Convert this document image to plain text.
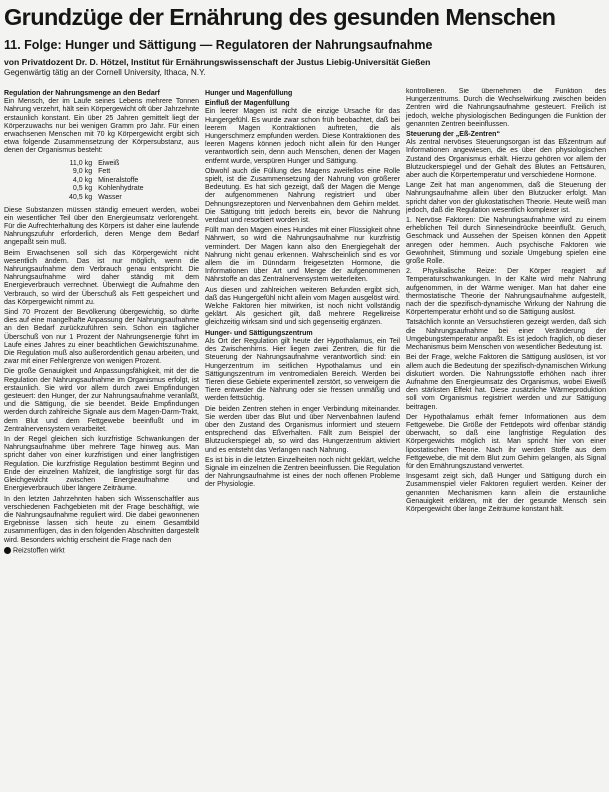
Grundzüge der Ernährung des gesunden Menschen
11. Folge: Hunger und Sättigung — Regulatoren der Nahrungsaufnahme
von Privatdozent Dr. D. Hötzel, Institut für Ernährungswissenschaft der Justus Liebig-Universität Gießen
Gegenwärtig tätig an der Cornell University, Ithaca, N.Y.
Regulation der Nahrungsmenge an den Bedarf

Ein Mensch, der im Laufe seines Lebens mehrere Tonnen Nahrung verzehrt, hält sein Körpergewicht oft über Jahrzehnte erstaunlich konstant. Ein über 25 Jahren gemittelt liegt der Körperzuwachs nur bei wenigen Gramm pro Jahr. Für einen erwachsenen Menschen mit 70 kg Körpergewicht ergibt sich etwa folgende Zusammensetzung der Körpersubstanz, aus denen der Organismus besteht:

11,0 kg	Eiweiß
9,0 kg	Fett
4,0 kg	Mineralstoffe
0,5 kg	Kohlenhydrate
40,5 kg	Wasser

Diese Substanzen müssen ständig erneuert werden, wobei ein wesentlicher Teil über den Energieumsatz verlorengeht. Für die Aufrechterhaltung des Körpers ist daher eine laufende Nahrungszufuhr erforderlich, deren Menge dem Bedarf angepaßt sein muß.

Beim Erwachsenen soll sich das Körpergewicht nicht wesentlich ändern. Das ist nur möglich, wenn die Nahrungsaufnahme dem Verbrauch genau entspricht. Die Nahrungsaufnahme wird daher ständig mit dem Energieverbrauch verrechnet. Überwiegt die Aufnahme den Verbrauch, so wird der Überschuß als Fett gespeichert und das Körpergewicht nimmt zu.

Sind 70 Prozent der Bevölkerung übergewichtig, so dürfte dies auf eine mangelhafte Anpassung der Nahrungsaufnahme an den Bedarf zurückzuführen sein. Schon ein täglicher Überschuß von nur 1 Prozent der Nahrungsenergie führt im Laufe eines Jahres zu einer beachtlichen Gewichtszunahme. Die Regulation muß also außerordentlich genau arbeiten, und zwar mit einer Fehlergrenze von wenigen Prozent.

Die große Genauigkeit und Anpassungsfähigkeit, mit der die Regulation der Nahrungsaufnahme im Organismus erfolgt, ist erstaunlich. Sie wird vor allem durch zwei Empfindungen gesteuert: den Hunger, der zur Nahrungsaufnahme veranlaßt, und die Sättigung, die sie beendet. Beide Empfindungen werden durch zahlreiche Signale aus dem Magen-Darm-Trakt, dem Blut und dem Fettgewebe beeinflußt und im Zentralnervensystem verarbeitet.

In der Regel gleichen sich kurzfristige Schwankungen der Nahrungsaufnahme über mehrere Tage hinweg aus. Man spricht daher von einer kurzfristigen und einer langfristigen Regulation. Die kurzfristige Regulation bestimmt Beginn und Ende der einzelnen Mahlzeit, die langfristige sorgt für das Gleichgewicht zwischen Energieaufnahme und Energieverbrauch über längere Zeiträume.

In den letzten Jahrzehnten haben sich Wissenschaftler aus verschiedenen Fachgebieten mit der Frage beschäftigt, wie die Nahrungsaufnahme reguliert wird. Die dabei gewonnenen Ergebnisse lassen sich heute zu einem Gesamtbild zusammenfügen, das in den folgenden Abschnitten dargestellt wird. Besonders wichtig erscheint die Frage nach den

Reizstoffen wirkt

Hunger und Magenfüllung
Einfluß der Magenfüllung

Ein leerer Magen ist nicht die einzige Ursache für das Hungergefühl. Es wurde zwar schon früh beobachtet, daß bei leerem Magen Kontraktionen auftreten, die als Hungerschmerz empfunden werden. Diese Kontraktionen des leeren Magens können jedoch nicht allein für den Hunger verantwortlich sein, denn auch Menschen, denen der Magen entfernt wurde, verspüren Hunger und Sättigung.

Obwohl auch die Füllung des Magens zweifellos eine Rolle spielt, ist die Zusammensetzung der Nahrung von größerer Bedeutung. Es hat sich gezeigt, daß der Magen die Menge der aufgenommenen Nahrung registriert und über Dehnungsrezeptoren und Nervenbahnen dem Gehirn meldet. Die Sättigung tritt jedoch bereits ein, bevor die Nahrung verdaut und resorbiert worden ist.

Füllt man den Magen eines Hundes mit einer Flüssigkeit ohne Nährwert, so wird die Nahrungsaufnahme nur kurzfristig vermindert. Der Magen kann also den Energiegehalt der Nahrung nicht genau erkennen. Wahrscheinlich sind es vor allem die im Dünndarm freigesetzten Hormone, die Informationen über Art und Menge der aufgenommenen Nährstoffe an das Zentralnervensystem weiterleiten.

Aus diesen und zahlreichen weiteren Befunden ergibt sich, daß das Hungergefühl nicht allein vom Magen ausgelöst wird. Welche Faktoren hier mitwirken, ist noch nicht vollständig geklärt. Als gesichert gilt, daß mehrere Regelkreise gleichzeitig wirksam sind und sich gegenseitig ergänzen.

Hunger- und Sättigungszentrum

Als Ort der Regulation gilt heute der Hypothalamus, ein Teil des Zwischenhirns. Hier liegen zwei Zentren, die für die Steuerung der Nahrungsaufnahme verantwortlich sind: ein Hungerzentrum im seitlichen Hypothalamus und ein Sättigungszentrum im ventromedialen Bereich. Werden bei Tieren diese Gebiete experimentell zerstört, so verweigern die Tiere entweder die Nahrung oder sie fressen unmäßig und werden fettsüchtig.

Die beiden Zentren stehen in enger Verbindung miteinander. Sie werden über das Blut und über Nervenbahnen laufend über den Zustand des Organismus informiert und steuern entsprechend das Eßverhalten. Fällt zum Beispiel der Blutzuckerspiegel ab, so wird das Hungerzentrum aktiviert und es entsteht das Verlangen nach Nahrung.

Es ist bis in die letzten Einzelheiten noch nicht geklärt, welche Signale im einzelnen die Zentren beeinflussen. Die Regulation der Nahrungsaufnahme ist eines der noch offenen Probleme der Physiologie.

kontrollieren. Sie übernehmen die Funktion des Hungerzentrums. Durch die Wechselwirkung zwischen beiden Zentren wird die Nahrungsaufnahme gesteuert. Freilich ist jedoch, welche physiologischen Bedingungen die Funktion der genannten Zentren beeinflussen.

Steuerung der „Eß-Zentren“

Als zentral nervöses Steuerungsorgan ist das Eßzentrum auf Informationen angewiesen, die es über den physiologischen Zustand des Organismus erhält. Hierzu gehören vor allem der Blutzuckerspiegel und der Gehalt des Blutes an Fettsäuren, aber auch die Körpertemperatur und verschiedene Hormone.

Lange Zeit hat man angenommen, daß die Steuerung der Nahrungsaufnahme allein über den Blutzucker erfolgt. Man spricht daher von der glukostatischen Theorie. Heute weiß man jedoch, daß die Regulation wesentlich komplexer ist.

1. Nervöse Faktoren: Die Nahrungsaufnahme wird zu einem erheblichen Teil durch Sinneseindrücke beeinflußt. Geruch, Geschmack und Aussehen der Speisen können den Appetit anregen oder hemmen. Auch psychische Faktoren wie Gewohnheit, Stimmung und soziale Umgebung spielen eine große Rolle.

2. Physikalische Reize: Der Körper reagiert auf Temperaturschwankungen. In der Kälte wird mehr Nahrung aufgenommen, in der Wärme weniger. Man hat daher eine thermostatische Theorie der Nahrungsaufnahme aufgestellt, nach der die spezifisch-dynamische Wirkung der Nahrung die Körpertemperatur erhöht und so die Sättigung auslöst.

Tatsächlich konnte an Versuchstieren gezeigt werden, daß sich die Nahrungsaufnahme bei einer Veränderung der Umgebungstemperatur anpaßt. Es ist jedoch fraglich, ob dieser Mechanismus beim Menschen von wesentlicher Bedeutung ist.

Bei der Frage, welche Faktoren die Sättigung auslösen, ist vor allem auch die Bedeutung der spezifisch-dynamischen Wirkung diskutiert worden. Die Nahrungsstoffe erhöhen nach ihrer Aufnahme den Energieumsatz des Organismus, wobei Eiweiß den stärksten Effekt hat. Diese zusätzliche Wärmeproduktion soll vom Organismus registriert werden und zur Sättigung beitragen.

Der Hypothalamus erhält ferner Informationen aus dem Fettgewebe. Die Größe der Fettdepots wird offenbar ständig überwacht, so daß eine langfristige Regulation des Körpergewichts möglich ist. Man spricht hier von einer lipostatischen Theorie. Nach ihr werden Stoffe aus dem Fettgewebe, die mit dem Blut zum Gehirn gelangen, als Signal für den Ernährungszustand verwertet.

Insgesamt zeigt sich, daß Hunger und Sättigung durch ein Zusammenspiel vieler Faktoren reguliert werden. Keiner der genannten Mechanismen kann allein die erstaunliche Genauigkeit erklären, mit der der gesunde Mensch sein Körpergewicht über lange Zeiträume konstant hält.
